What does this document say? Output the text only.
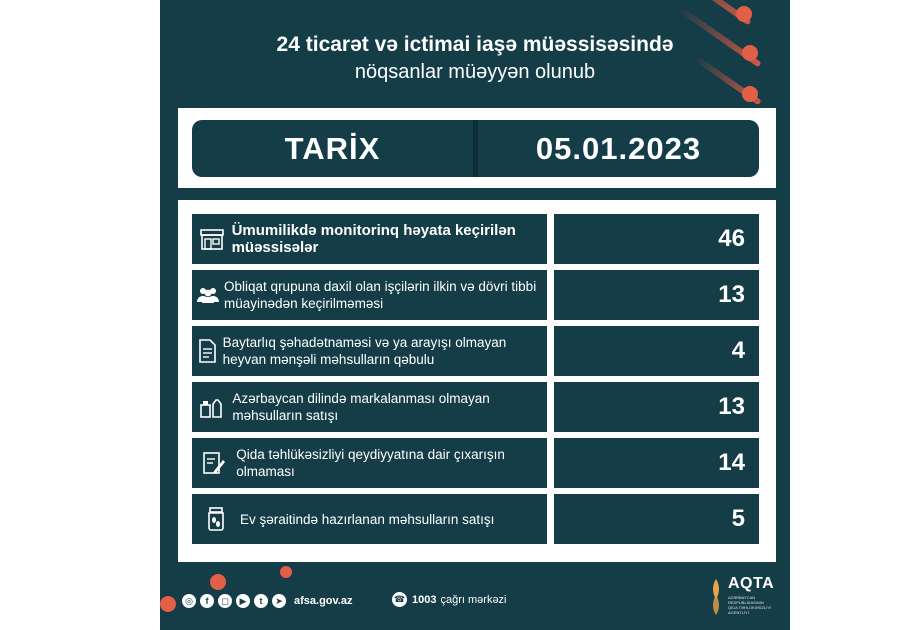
24 ticarət və ictimai iaşə müəssisəsində
nöqsanlar müəyyən olunub
TARİX	05.01.2023
Ümumilikdə monitorinq həyata keçirilən müəssisələr	46
Obliqat qrupuna daxil olan işçilərin ilkin və dövri tibbi müayinədən keçirilməməsi	13
Baytarlıq şəhadətnaməsi və ya arayışı olmayan heyvan mənşəli məhsulların qəbulu	4
Azərbaycan dilində markalanması olmayan məhsulların satışı	13
Qida təhlükəsizliyi qeydiyyatına dair çıxarışın olmaması	14
Ev şəraitində hazırlanan məhsulların satışı	5
◎	f	◻	▶	t	➤ afsa.gov.az	☎ 1003 çağrı mərkəzi
AQTA
AZƏRBAYCAN RESPUBLİKASININ QİDA TƏHLÜKƏSİZLİYİ AGENTLİYİ
